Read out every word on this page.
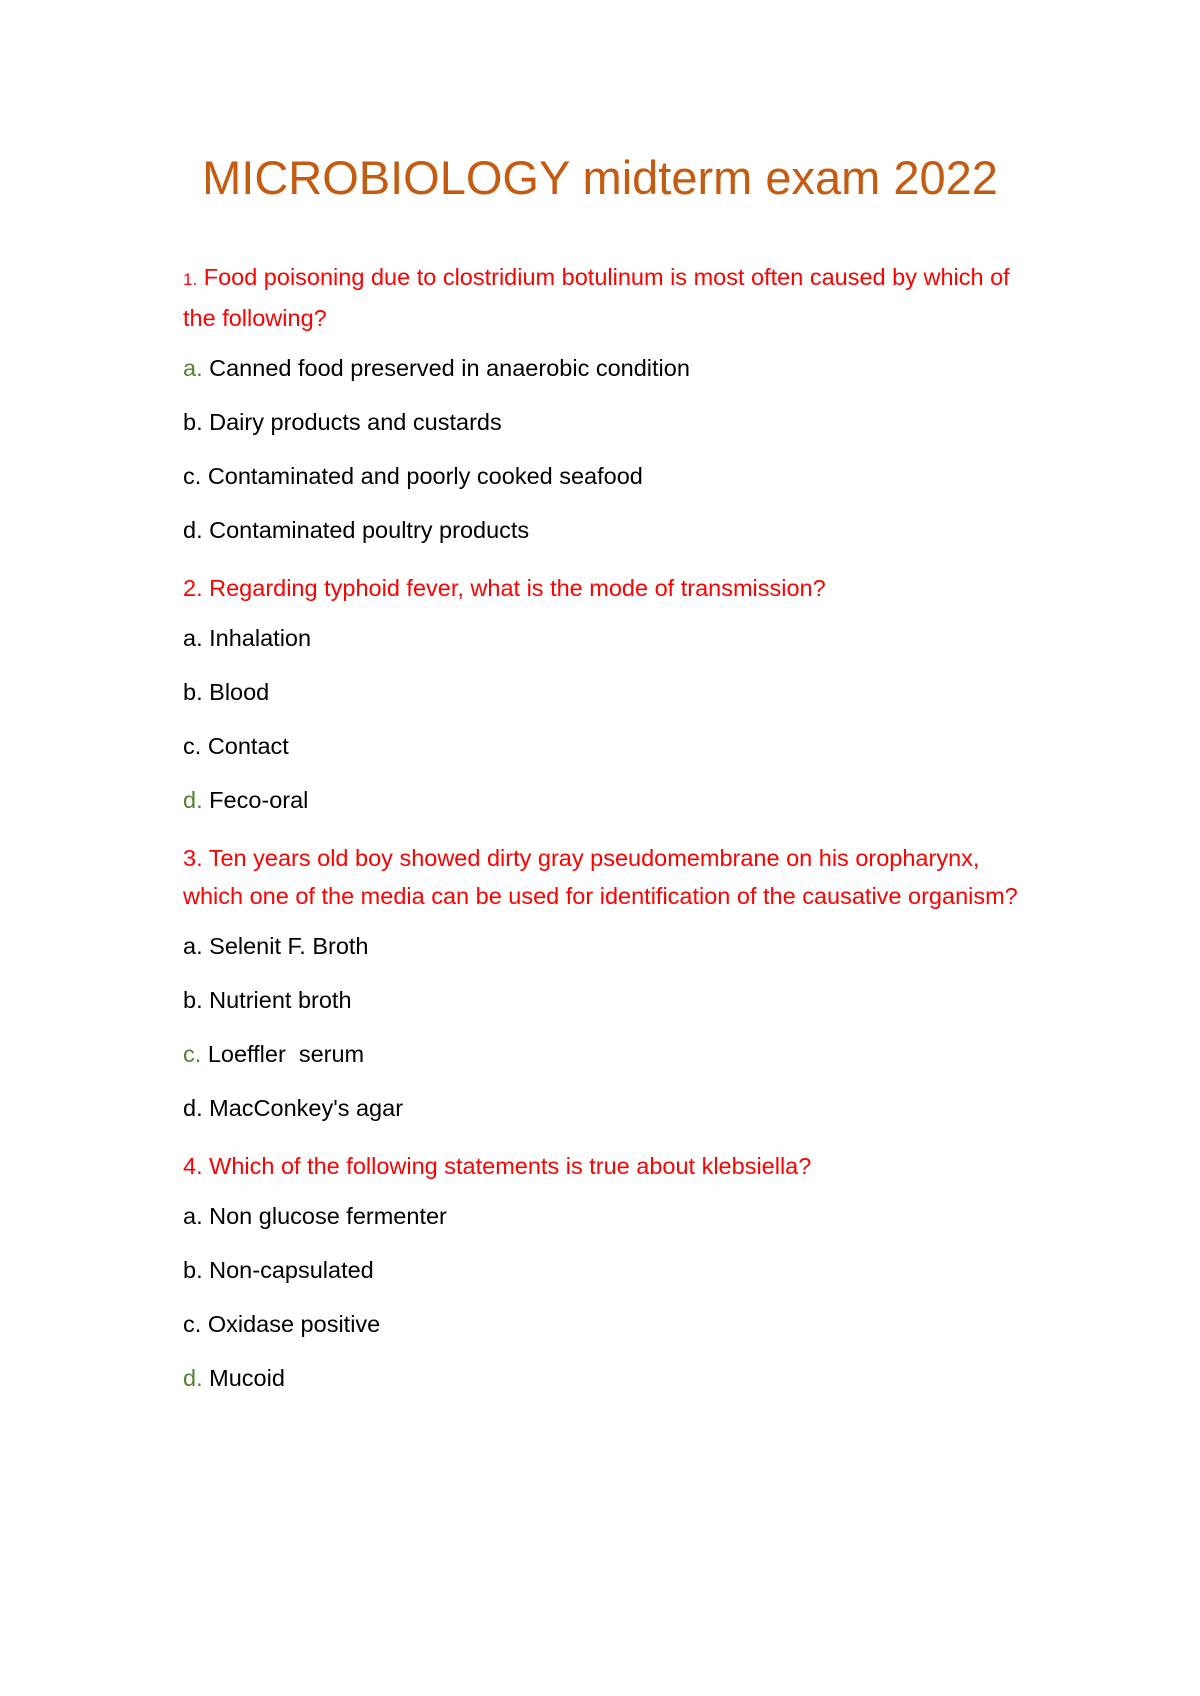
MICROBIOLOGY midterm exam 2022
1. Food poisoning due to clostridium botulinum is most often caused by which of the following?
a. Canned food preserved in anaerobic condition
b. Dairy products and custards
c. Contaminated and poorly cooked seafood
d. Contaminated poultry products
2. Regarding typhoid fever, what is the mode of transmission?
a. Inhalation
b. Blood
c. Contact
d. Feco-oral
3. Ten years old boy showed dirty gray pseudomembrane on his oropharynx, which one of the media can be used for identification of the causative organism?
a. Selenit F. Broth
b. Nutrient broth
c. Loeffler  serum
d. MacConkey's agar
4. Which of the following statements is true about klebsiella?
a. Non glucose fermenter
b. Non-capsulated
c. Oxidase positive
d. Mucoid
